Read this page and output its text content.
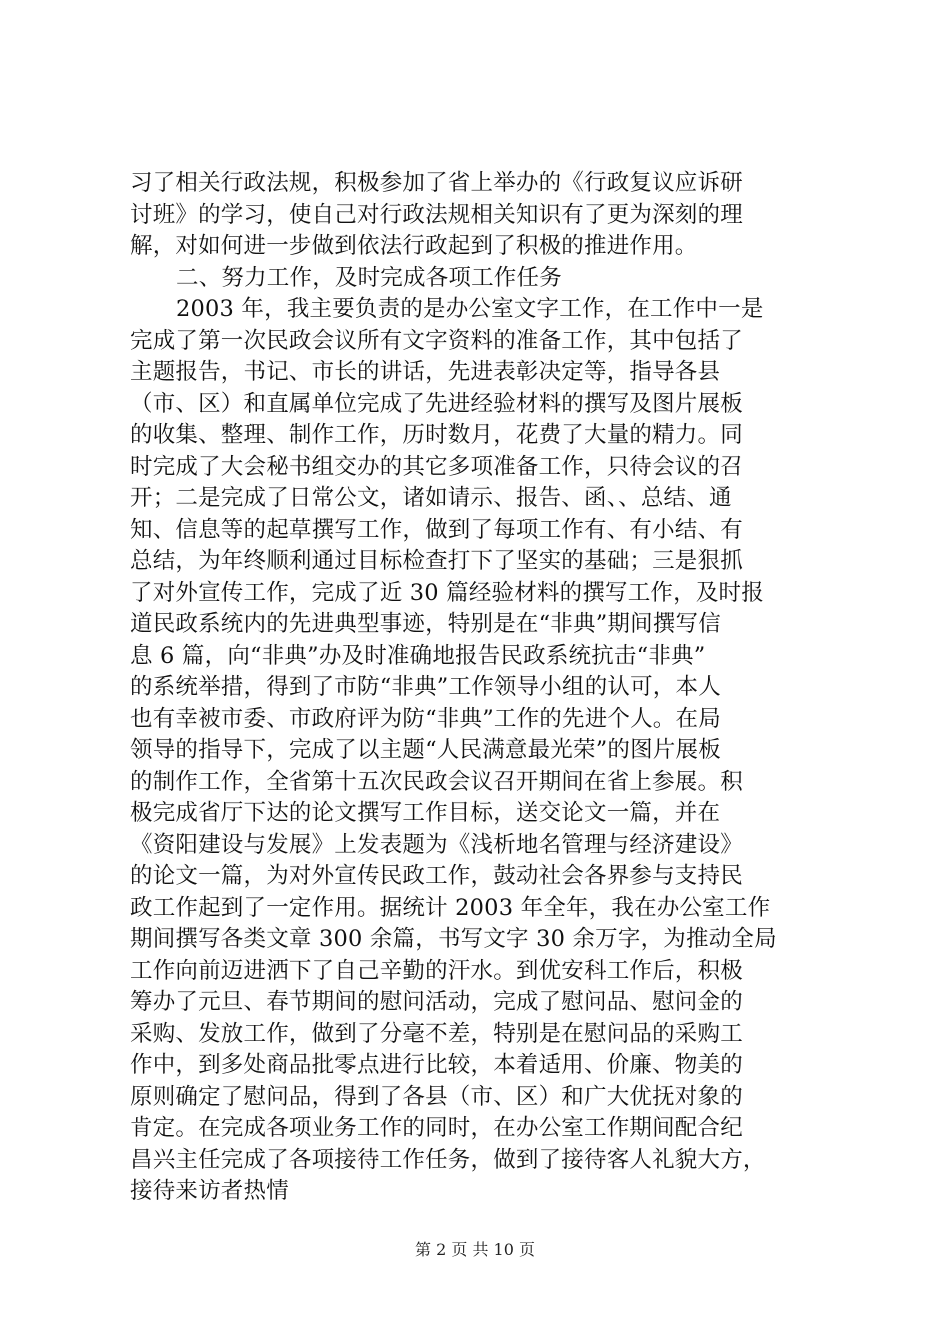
习了相关行政法规，积极参加了省上举办的《行政复议应诉研
讨班》的学习，使自己对行政法规相关知识有了更为深刻的理
解，对如何进一步做到依法行政起到了积极的推进作用。
二、努力工作，及时完成各项工作任务
2003 年，我主要负责的是办公室文字工作，在工作中一是
完成了第一次民政会议所有文字资料的准备工作，其中包括了
主题报告，书记、市长的讲话，先进表彰决定等，指导各县
（市、区）和直属单位完成了先进经验材料的撰写及图片展板
的收集、整理、制作工作，历时数月，花费了大量的精力。同
时完成了大会秘书组交办的其它多项准备工作，只待会议的召
开；二是完成了日常公文，诸如请示、报告、函、、总结、通
知、信息等的起草撰写工作，做到了每项工作有、有小结、有
总结，为年终顺利通过目标检查打下了坚实的基础；三是狠抓
了对外宣传工作，完成了近 30 篇经验材料的撰写工作，及时报
道民政系统内的先进典型事迹，特别是在“非典”期间撰写信
息 6 篇，向“非典”办及时准确地报告民政系统抗击“非典”
的系统举措，得到了市防“非典”工作领导小组的认可，本人
也有幸被市委、市政府评为防“非典”工作的先进个人。在局
领导的指导下，完成了以主题“人民满意最光荣”的图片展板
的制作工作，全省第十五次民政会议召开期间在省上参展。积
极完成省厅下达的论文撰写工作目标，送交论文一篇，并在
《资阳建设与发展》上发表题为《浅析地名管理与经济建设》
的论文一篇，为对外宣传民政工作，鼓动社会各界参与支持民
政工作起到了一定作用。据统计 2003 年全年，我在办公室工作
期间撰写各类文章 300 余篇，书写文字 30 余万字，为推动全局
工作向前迈进洒下了自己辛勤的汗水。到优安科工作后，积极
筹办了元旦、春节期间的慰问活动，完成了慰问品、慰问金的
采购、发放工作，做到了分毫不差，特别是在慰问品的采购工
作中，到多处商品批零点进行比较，本着适用、价廉、物美的
原则确定了慰问品，得到了各县（市、区）和广大优抚对象的
肯定。在完成各项业务工作的同时，在办公室工作期间配合纪
昌兴主任完成了各项接待工作任务，做到了接待客人礼貌大方，
接待来访者热情
第 2 页 共 10 页
